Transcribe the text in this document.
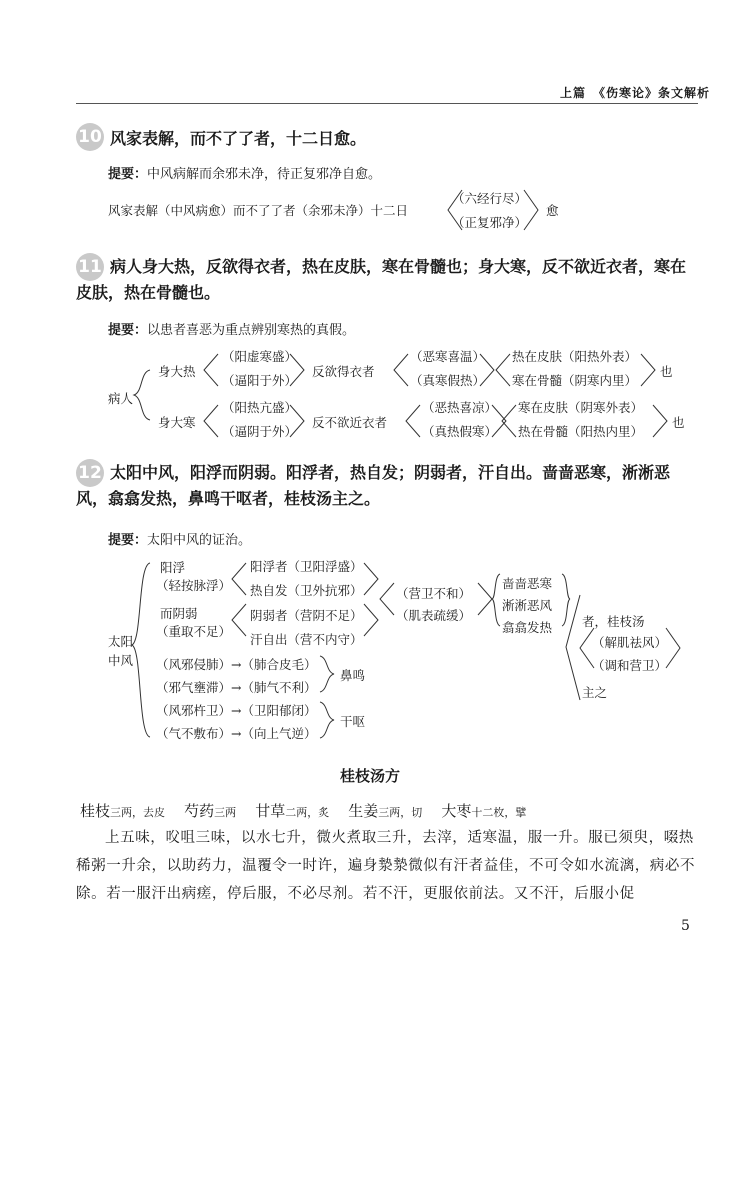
上篇　《伤寒论》条文解析
10 风家表解，而不了了者，十二日愈。
提要：中风病解而余邪未净，待正复邪净自愈。
风家表解（中风病愈）而不了了者（余邪未净）十二日
（六经行尽）
（正复邪净）
愈
11 病人身大热，反欲得衣者，热在皮肤，寒在骨髓也；身大寒，反不欲近衣者，寒在皮肤，热在骨髓也。
提要：以患者喜恶为重点辨别寒热的真假。
病人
身大热
（阳虚寒盛）
（逼阳于外）
反欲得衣者
（恶寒喜温）
（真寒假热）
热在皮肤（阳热外表）
寒在骨髓（阴寒内里）
也
身大寒
（阳热亢盛）
（逼阴于外）
反不欲近衣者
（恶热喜凉）
（真热假寒）
寒在皮肤（阴寒外表）
热在骨髓（阳热内里）
也
12 太阳中风，阳浮而阴弱。阳浮者，热自发；阴弱者，汗自出。啬啬恶寒，淅淅恶风，翕翕发热，鼻鸣干呕者，桂枝汤主之。
提要：太阳中风的证治。
太阳
中风
阳浮
（轻按脉浮）
而阴弱
（重取不足）
阳浮者（卫阳浮盛）
热自发（卫外抗邪）
阴弱者（营阴不足）
汗自出（营不内守）
（营卫不和）
（肌表疏缓）
啬啬恶寒
淅淅恶风
翕翕发热 者，桂枝汤
（解肌祛风）
（调和营卫）
主之
（风邪侵肺）→（肺合皮毛）
（邪气壅滞）→（肺气不利）
鼻鸣
（风邪杵卫）→（卫阳郁闭）
（气不敷布）→（向上气逆）
干呕
桂枝汤方
桂枝三两，去皮 芍药三两 甘草二两，炙 生姜三两，切 大枣十二枚，擘
上五味，㕮咀三味，以水七升，微火煮取三升，去滓，适寒温，服一升。服已须臾，啜热稀粥一升余，以助药力，温覆令一时许，遍身漐漐微似有汗者益佳，不可令如水流漓，病必不除。若一服汗出病瘥，停后服，不必尽剂。若不汗，更服依前法。又不汗，后服小促
5
